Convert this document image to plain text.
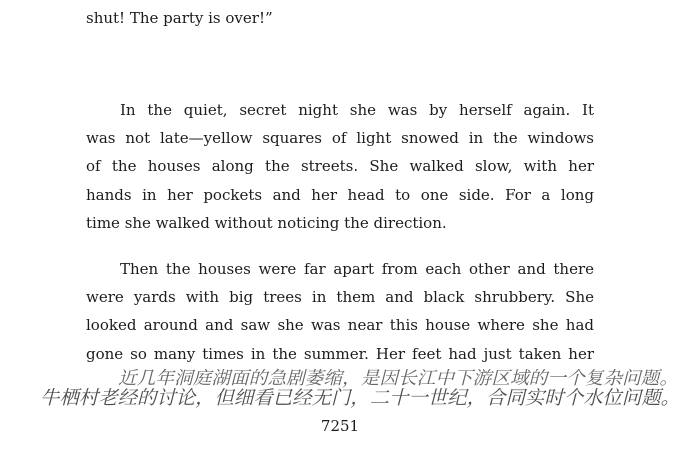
shut! The party is over!”
In the quiet, secret night she was by herself again. It
was not late—yellow squares of light snowed in the windows
of the houses along the streets. She walked slow, with her
hands in her pockets and her head to one side. For a long
time she walked without noticing the direction.
Then the houses were far apart from each other and there
were yards with big trees in them and black shrubbery. She
looked around and saw she was near this house where she had
gone so many times in the summer. Her feet had just taken her
近几年洞庭湖面的急剧萎缩，是因长江中下游区域的一个复杂问题。
牛栖村老经的讨论，但细看已经无门，二十一世纪，合同实时个水位问题。
7251
